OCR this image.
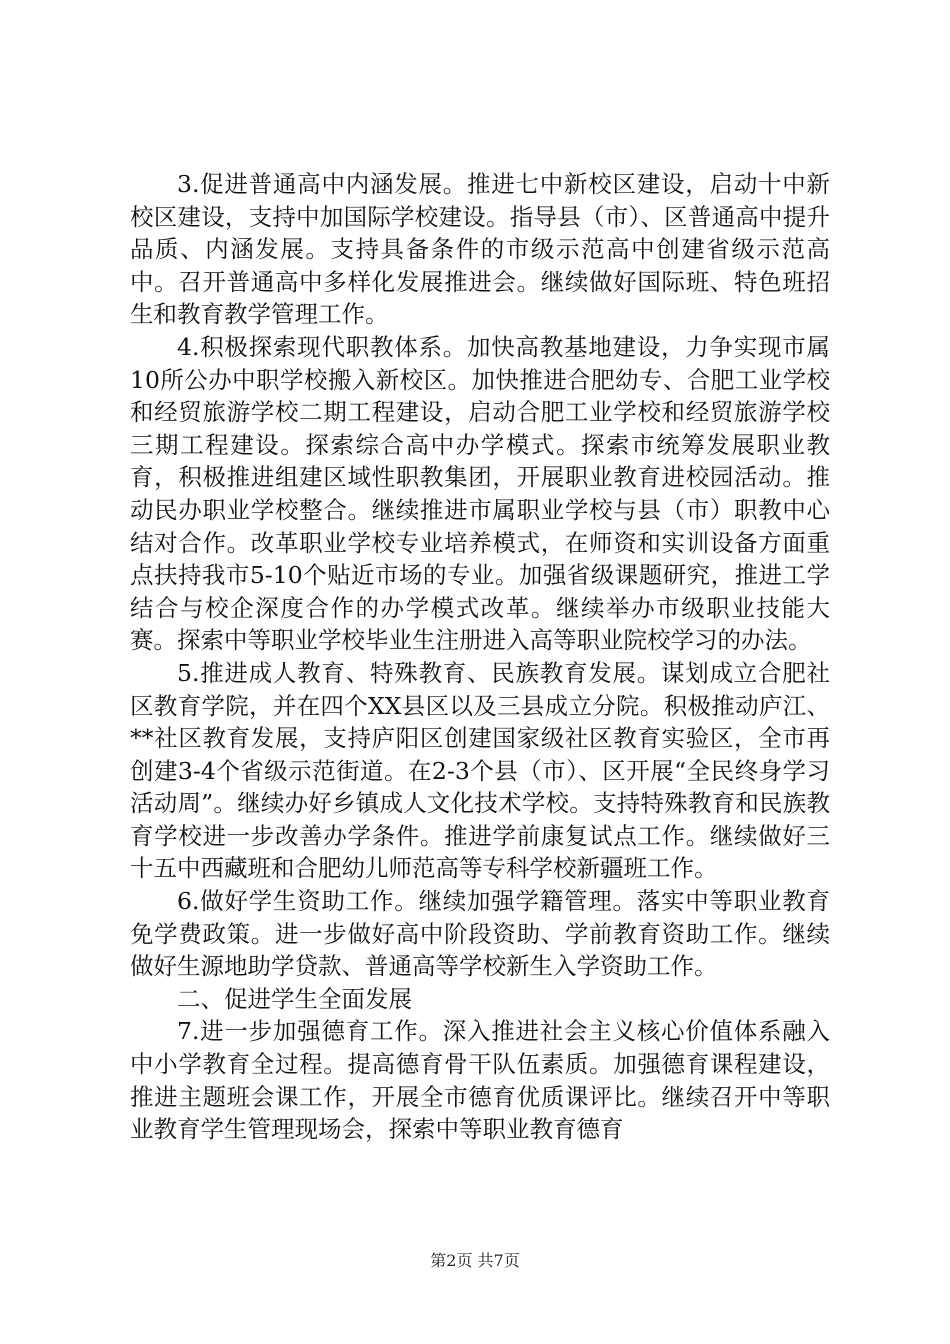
3.促进普通高中内涵发展。推进七中新校区建设，启动十中新校区建设，支持中加国际学校建设。指导县（市）、区普通高中提升品质、内涵发展。支持具备条件的市级示范高中创建省级示范高中。召开普通高中多样化发展推进会。继续做好国际班、特色班招生和教育教学管理工作。

4.积极探索现代职教体系。加快高教基地建设，力争实现市属10所公办中职学校搬入新校区。加快推进合肥幼专、合肥工业学校和经贸旅游学校二期工程建设，启动合肥工业学校和经贸旅游学校三期工程建设。探索综合高中办学模式。探索市统筹发展职业教育，积极推进组建区域性职教集团，开展职业教育进校园活动。推动民办职业学校整合。继续推进市属职业学校与县（市）职教中心结对合作。改革职业学校专业培养模式，在师资和实训设备方面重点扶持我市5-10个贴近市场的专业。加强省级课题研究，推进工学结合与校企深度合作的办学模式改革。继续举办市级职业技能大赛。探索中等职业学校毕业生注册进入高等职业院校学习的办法。

5.推进成人教育、特殊教育、民族教育发展。谋划成立合肥社区教育学院，并在四个XX县区以及三县成立分院。积极推动庐江、**社区教育发展，支持庐阳区创建国家级社区教育实验区，全市再创建3-4个省级示范街道。在2-3个县（市）、区开展“全民终身学习活动周”。继续办好乡镇成人文化技术学校。支持特殊教育和民族教育学校进一步改善办学条件。推进学前康复试点工作。继续做好三十五中西藏班和合肥幼儿师范高等专科学校新疆班工作。

6.做好学生资助工作。继续加强学籍管理。落实中等职业教育免学费政策。进一步做好高中阶段资助、学前教育资助工作。继续做好生源地助学贷款、普通高等学校新生入学资助工作。

二、促进学生全面发展

7.进一步加强德育工作。深入推进社会主义核心价值体系融入中小学教育全过程。提高德育骨干队伍素质。加强德育课程建设，推进主题班会课工作，开展全市德育优质课评比。继续召开中等职业教育学生管理现场会，探索中等职业教育德育

第2页 共7页
